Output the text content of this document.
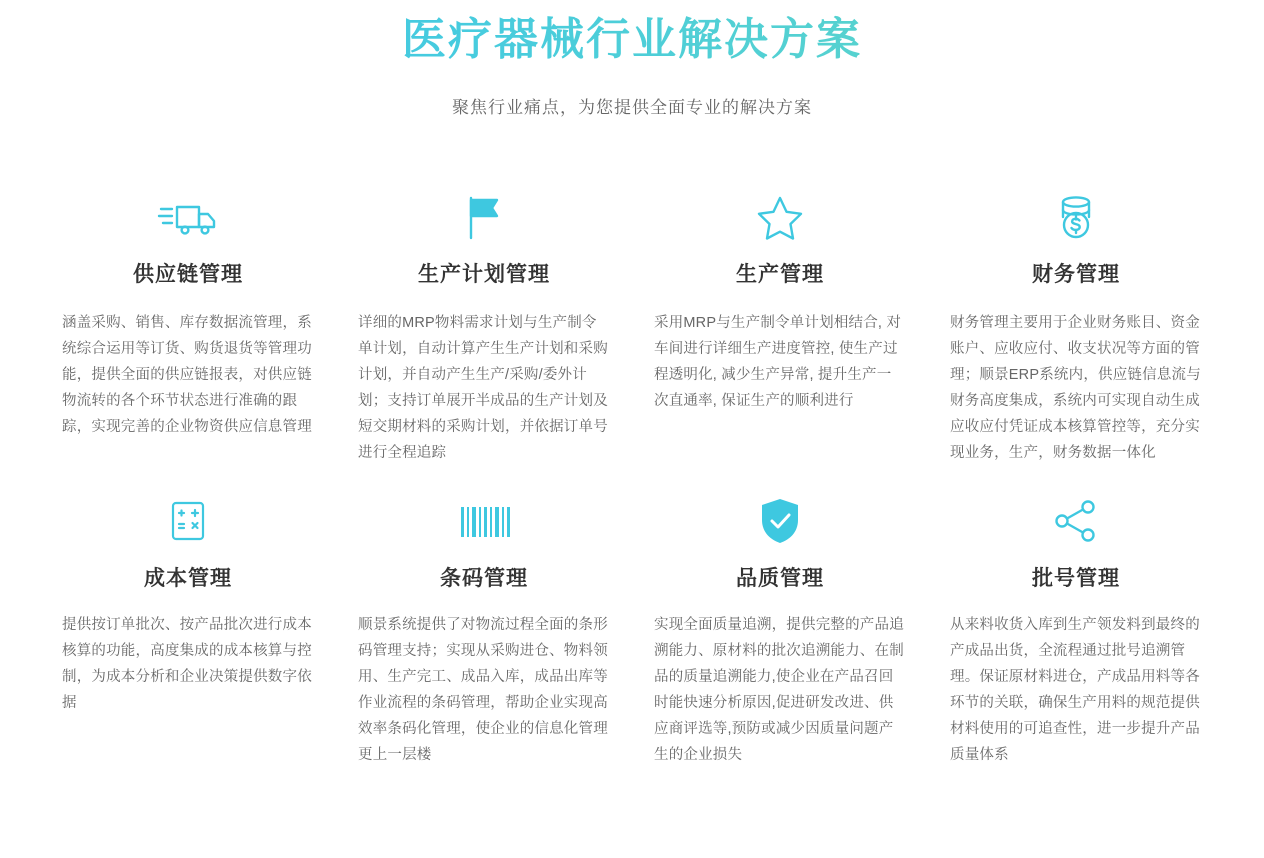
医疗器械行业解决方案

聚焦行业痛点，为您提供全面专业的解决方案

供应链管理

涵盖采购、销售、库存数据流管理，系统综合运用等订货、购货退货等管理功能，提供全面的供应链报表，对供应链物流转的各个环节状态进行准确的跟踪，实现完善的企业物资供应信息管理

生产计划管理

详细的MRP物料需求计划与生产制令单计划，自动计算产生生产计划和采购计划，并自动产生生产/采购/委外计划；支持订单展开半成品的生产计划及短交期材料的采购计划，并依据订单号进行全程追踪

生产管理

采用MRP与生产制令单计划相结合, 对车间进行详细生产进度管控, 使生产过程透明化, 减少生产异常, 提升生产一次直通率, 保证生产的顺利进行

财务管理

财务管理主要用于企业财务账目、资金账户、应收应付、收支状况等方面的管理；顺景ERP系统内，供应链信息流与财务高度集成，系统内可实现自动生成应收应付凭证成本核算管控等，充分实现业务，生产，财务数据一体化

成本管理

提供按订单批次、按产品批次进行成本核算的功能，高度集成的成本核算与控制，为成本分析和企业决策提供数字依据

条码管理

顺景系统提供了对物流过程全面的条形码管理支持；实现从采购进仓、物料领用、生产完工、成品入库，成品出库等作业流程的条码管理，帮助企业实现高效率条码化管理，使企业的信息化管理更上一层楼

品质管理

实现全面质量追溯，提供完整的产品追溯能力、原材料的批次追溯能力、在制品的质量追溯能力,使企业在产品召回时能快速分析原因,促进研发改进、供应商评选等,预防或减少因质量问题产生的企业损失

批号管理

从来料收货入库到生产领发料到最终的产成品出货，全流程通过批号追溯管理。保证原材料进仓，产成品用料等各环节的关联，确保生产用料的规范提供材料使用的可追查性，进一步提升产品质量体系
